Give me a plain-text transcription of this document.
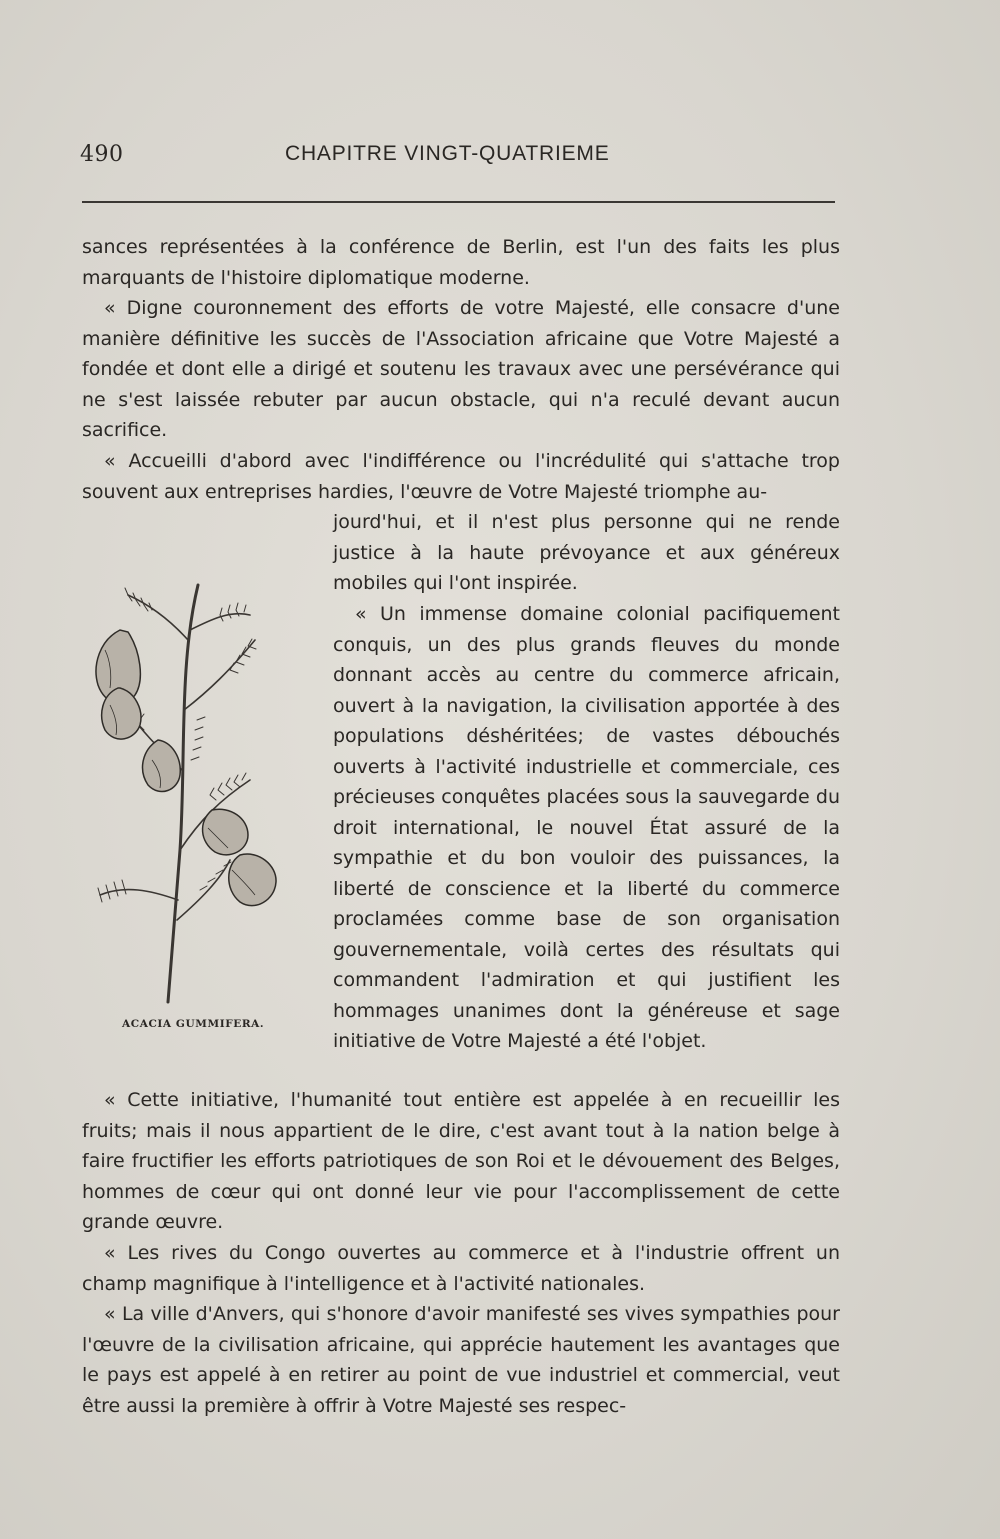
490	CHAPITRE VINGT-QUATRIEME
sances représentées à la conférence de Berlin, est l'un des faits les plus marquants de l'histoire diplomatique moderne.
« Digne couronnement des efforts de votre Majesté, elle consacre d'une manière définitive les succès de l'Association africaine que Votre Majesté a fondée et dont elle a dirigé et soutenu les travaux avec une persévérance qui ne s'est laissée rebuter par aucun obstacle, qui n'a reculé devant aucun sacrifice.
« Accueilli d'abord avec l'indifférence ou l'incrédulité qui s'attache trop souvent aux entreprises hardies, l'œuvre de Votre Majesté triomphe au-
jourd'hui, et il n'est plus personne qui ne rende justice à la haute prévoyance et aux généreux mobiles qui l'ont inspirée.
« Un immense domaine colonial pacifiquement conquis, un des plus grands fleuves du monde donnant accès au centre du commerce africain, ouvert à la navigation, la civilisation apportée à des populations déshéritées; de vastes débouchés ouverts à l'activité industrielle et commerciale, ces précieuses conquêtes placées sous la sauvegarde du droit international, le nouvel État assuré de la sympathie et du bon vouloir des puissances, la liberté de conscience et la liberté du commerce proclamées comme base de son organisation gouvernementale, voilà certes des résultats qui commandent l'admiration et qui justifient les hommages unanimes dont la généreuse et sage initiative de Votre Majesté a été l'objet.
ACACIA GUMMIFERA.
« Cette initiative, l'humanité tout entière est appelée à en recueillir les fruits; mais il nous appartient de le dire, c'est avant tout à la nation belge à faire fructifier les efforts patriotiques de son Roi et le dévouement des Belges, hommes de cœur qui ont donné leur vie pour l'accomplissement de cette grande œuvre.
« Les rives du Congo ouvertes au commerce et à l'industrie offrent un champ magnifique à l'intelligence et à l'activité nationales.
« La ville d'Anvers, qui s'honore d'avoir manifesté ses vives sympathies pour l'œuvre de la civilisation africaine, qui apprécie hautement les avantages que le pays est appelé à en retirer au point de vue industriel et commercial, veut être aussi la première à offrir à Votre Majesté ses respec-
